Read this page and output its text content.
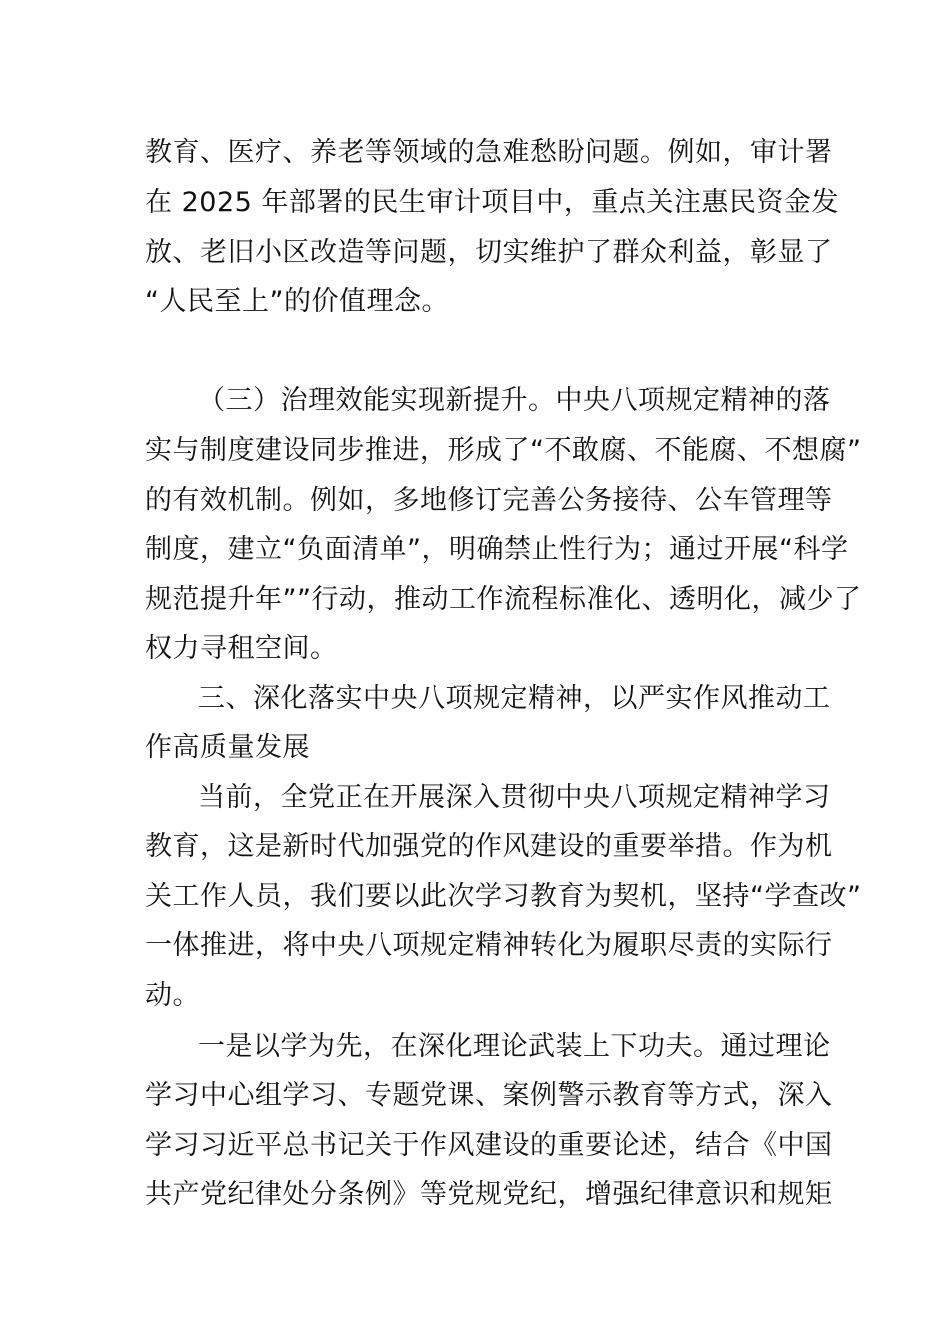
教育、医疗、养老等领域的急难愁盼问题。例如，审计署
在 2025 年部署的民生审计项目中，重点关注惠民资金发
放、老旧小区改造等问题，切实维护了群众利益，彰显了
“人民至上”的价值理念。
（三）治理效能实现新提升。中央八项规定精神的落
实与制度建设同步推进，形成了“不敢腐、不能腐、不想腐”
的有效机制。例如，多地修订完善公务接待、公车管理等
制度，建立“负面清单”，明确禁止性行为；通过开展“科学
规范提升年””行动，推动工作流程标准化、透明化，减少了
权力寻租空间。
三、深化落实中央八项规定精神，以严实作风推动工
作高质量发展
当前，全党正在开展深入贯彻中央八项规定精神学习
教育，这是新时代加强党的作风建设的重要举措。作为机
关工作人员，我们要以此次学习教育为契机，坚持“学查改”
一体推进，将中央八项规定精神转化为履职尽责的实际行
动。
一是以学为先，在深化理论武装上下功夫。通过理论
学习中心组学习、专题党课、案例警示教育等方式，深入
学习习近平总书记关于作风建设的重要论述，结合《中国
共产党纪律处分条例》等党规党纪，增强纪律意识和规矩
